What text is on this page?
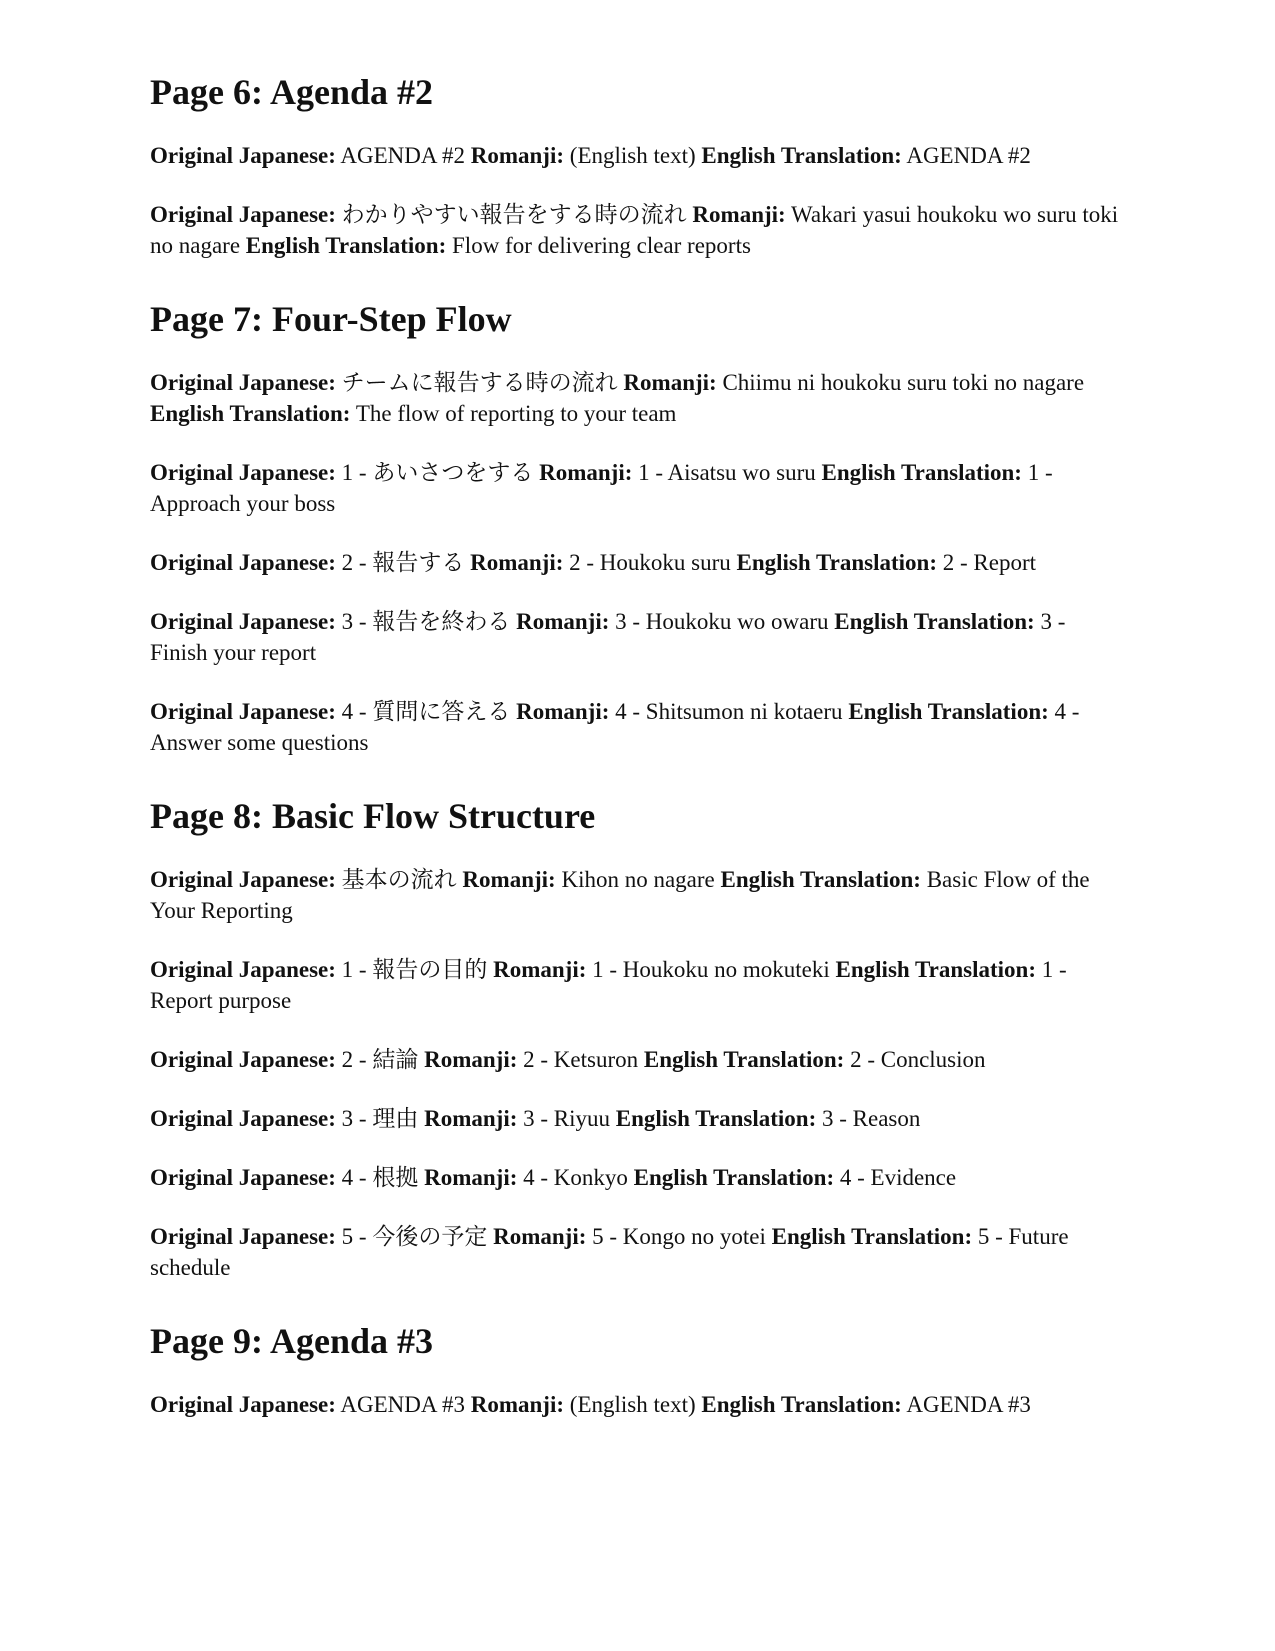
Page 6: Agenda #2

Original Japanese: AGENDA #2 Romanji: (English text) English Translation: AGENDA #2

Original Japanese: わかりやすい報告をする時の流れ Romanji: Wakari yasui houkoku wo suru toki no nagare English Translation: Flow for delivering clear reports

Page 7: Four-Step Flow

Original Japanese: チームに報告する時の流れ Romanji: Chiimu ni houkoku suru toki no nagare English Translation: The flow of reporting to your team

Original Japanese: 1 - あいさつをする Romanji: 1 - Aisatsu wo suru English Translation: 1 - Approach your boss

Original Japanese: 2 - 報告する Romanji: 2 - Houkoku suru English Translation: 2 - Report

Original Japanese: 3 - 報告を終わる Romanji: 3 - Houkoku wo owaru English Translation: 3 - Finish your report

Original Japanese: 4 - 質問に答える Romanji: 4 - Shitsumon ni kotaeru English Translation: 4 - Answer some questions

Page 8: Basic Flow Structure

Original Japanese: 基本の流れ Romanji: Kihon no nagare English Translation: Basic Flow of the Your Reporting

Original Japanese: 1 - 報告の目的 Romanji: 1 - Houkoku no mokuteki English Translation: 1 - Report purpose

Original Japanese: 2 - 結論 Romanji: 2 - Ketsuron English Translation: 2 - Conclusion

Original Japanese: 3 - 理由 Romanji: 3 - Riyuu English Translation: 3 - Reason

Original Japanese: 4 - 根拠 Romanji: 4 - Konkyo English Translation: 4 - Evidence

Original Japanese: 5 - 今後の予定 Romanji: 5 - Kongo no yotei English Translation: 5 - Future schedule

Page 9: Agenda #3

Original Japanese: AGENDA #3 Romanji: (English text) English Translation: AGENDA #3
